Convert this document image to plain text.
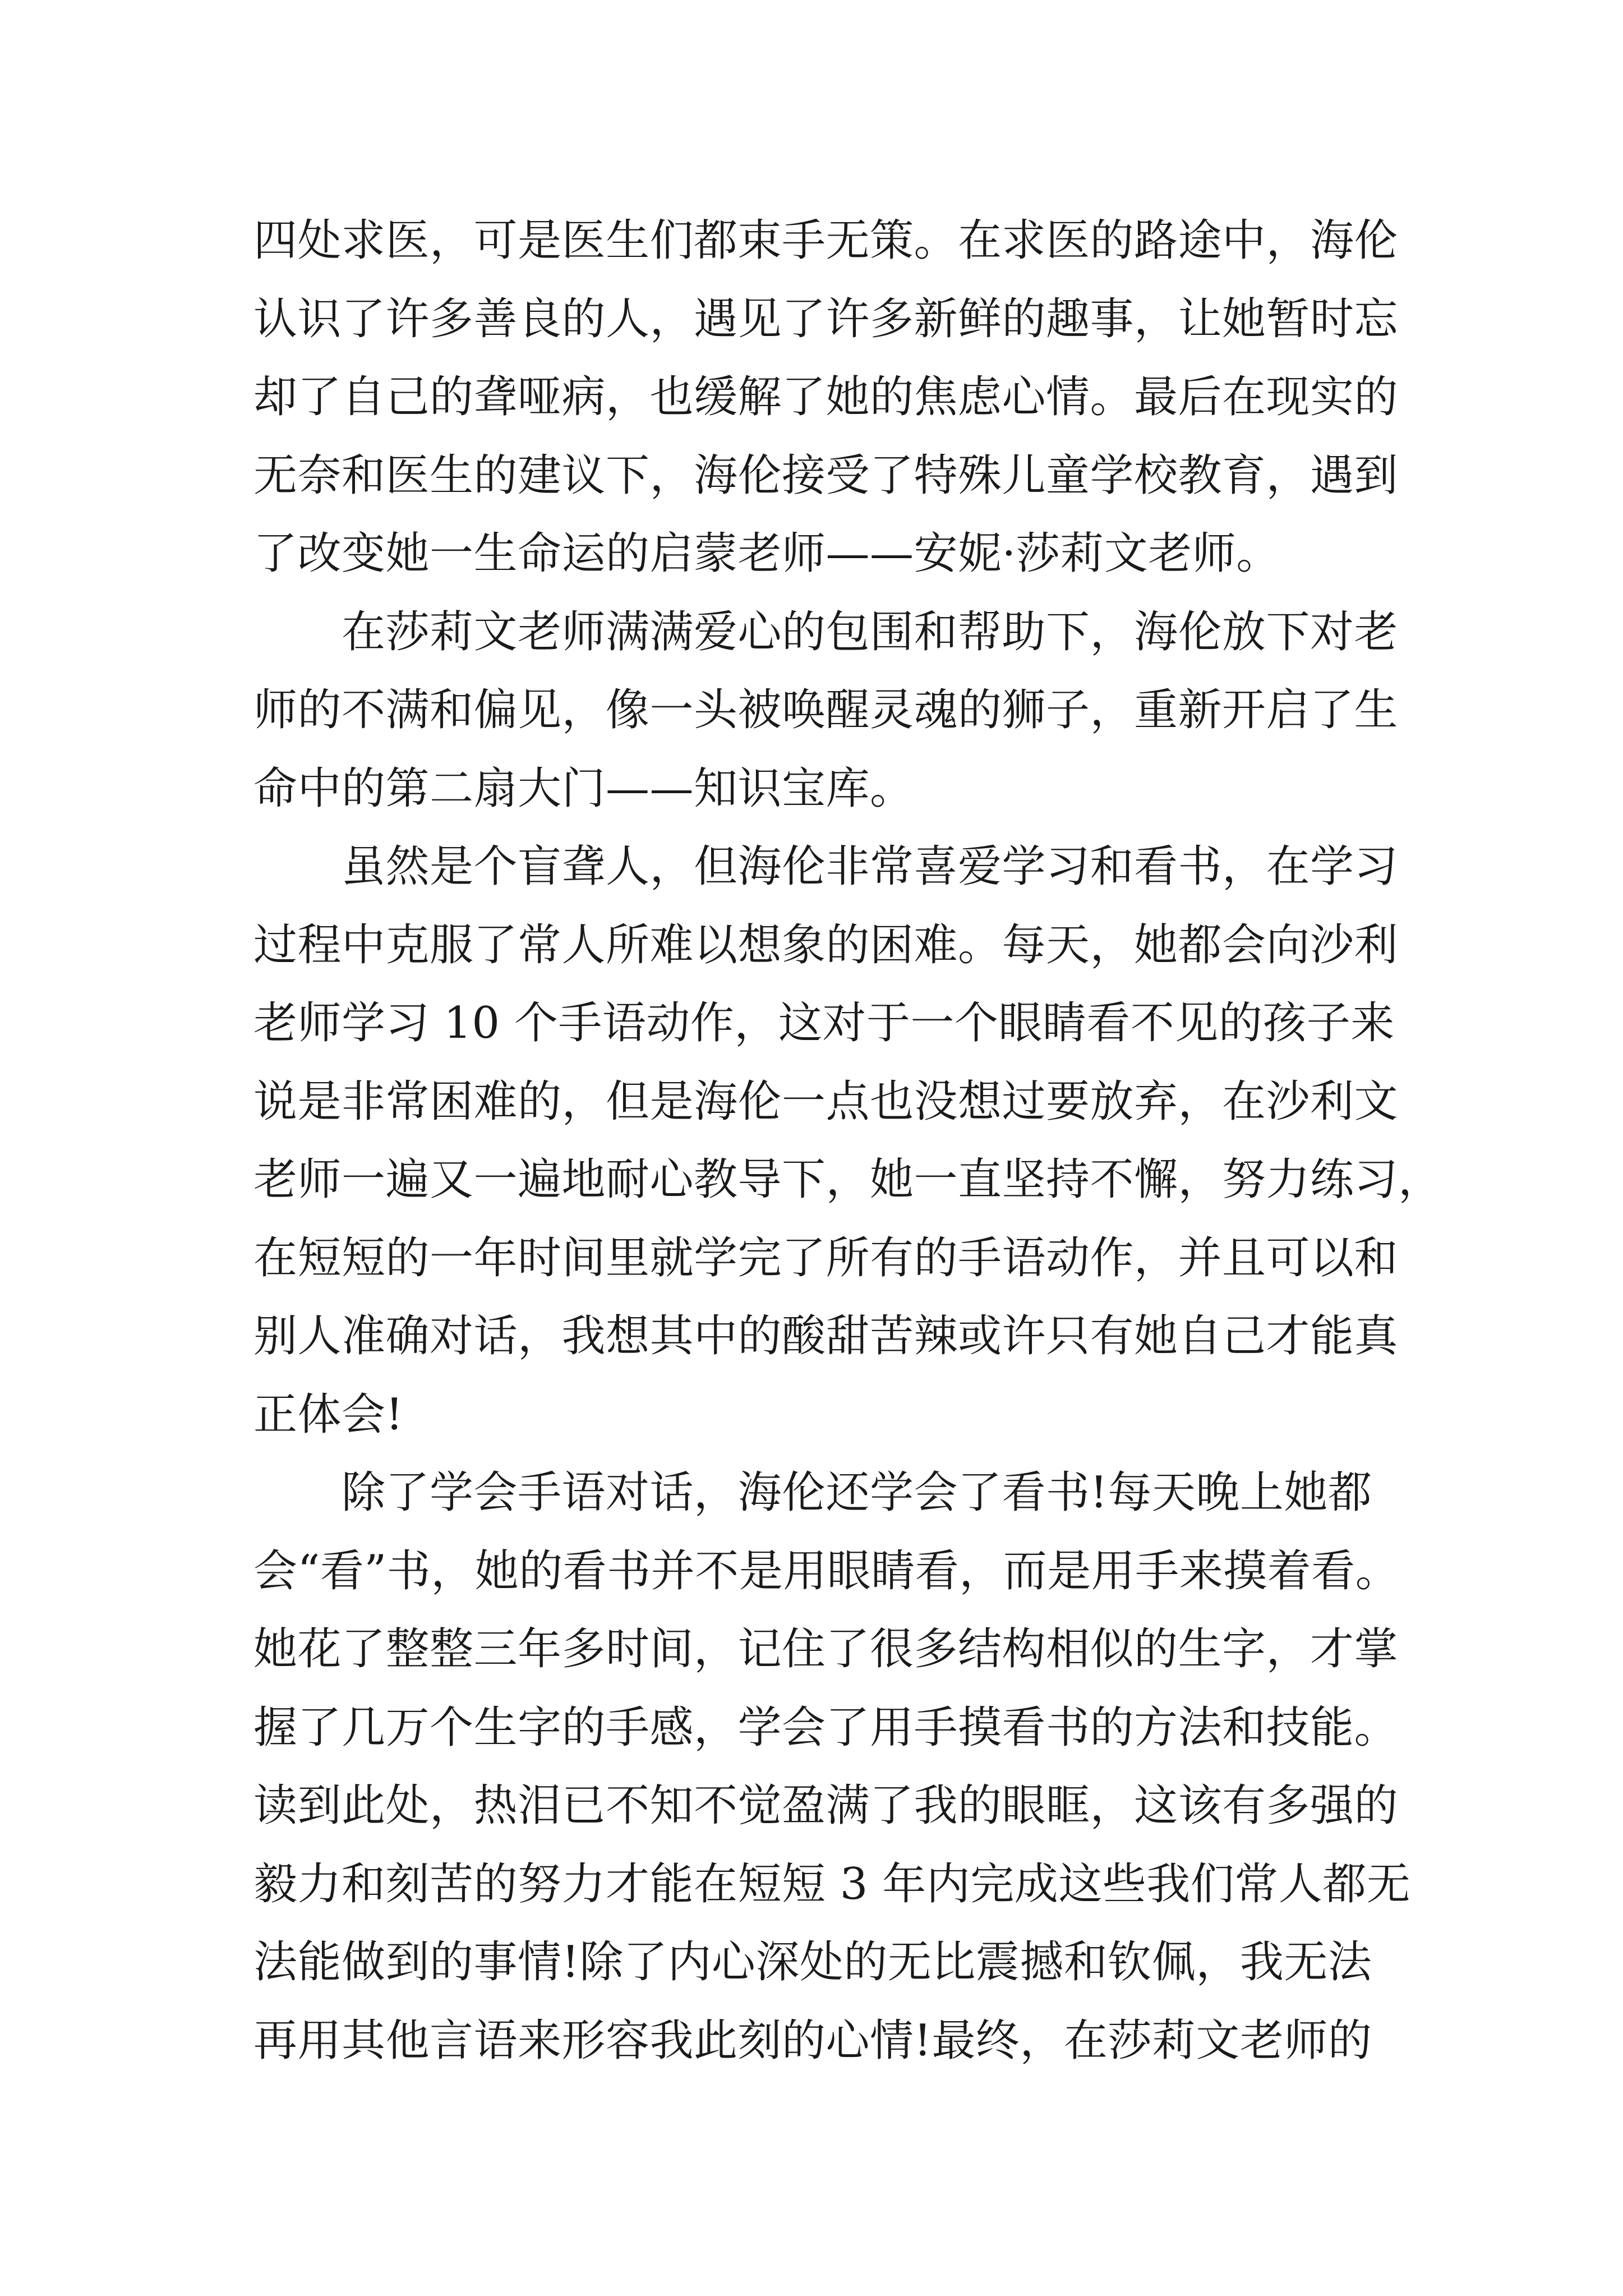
四处求医，可是医生们都束手无策。在求医的路途中，海伦
认识了许多善良的人，遇见了许多新鲜的趣事，让她暂时忘
却了自己的聋哑病，也缓解了她的焦虑心情。最后在现实的
无奈和医生的建议下，海伦接受了特殊儿童学校教育，遇到
了改变她一生命运的启蒙老师——安妮·莎莉文老师。
　　在莎莉文老师满满爱心的包围和帮助下，海伦放下对老
师的不满和偏见，像一头被唤醒灵魂的狮子，重新开启了生
命中的第二扇大门——知识宝库。
　　虽然是个盲聋人，但海伦非常喜爱学习和看书，在学习
过程中克服了常人所难以想象的困难。每天，她都会向沙利
老师学习 10 个手语动作，这对于一个眼睛看不见的孩子来
说是非常困难的，但是海伦一点也没想过要放弃，在沙利文
老师一遍又一遍地耐心教导下，她一直坚持不懈，努力练习，
在短短的一年时间里就学完了所有的手语动作，并且可以和
别人准确对话，我想其中的酸甜苦辣或许只有她自己才能真
正体会!
　　除了学会手语对话，海伦还学会了看书!每天晚上她都
会“看”书，她的看书并不是用眼睛看，而是用手来摸着看。
她花了整整三年多时间，记住了很多结构相似的生字，才掌
握了几万个生字的手感，学会了用手摸看书的方法和技能。
读到此处，热泪已不知不觉盈满了我的眼眶，这该有多强的
毅力和刻苦的努力才能在短短 3 年内完成这些我们常人都无
法能做到的事情!除了内心深处的无比震撼和钦佩，我无法
再用其他言语来形容我此刻的心情!最终，在莎莉文老师的
